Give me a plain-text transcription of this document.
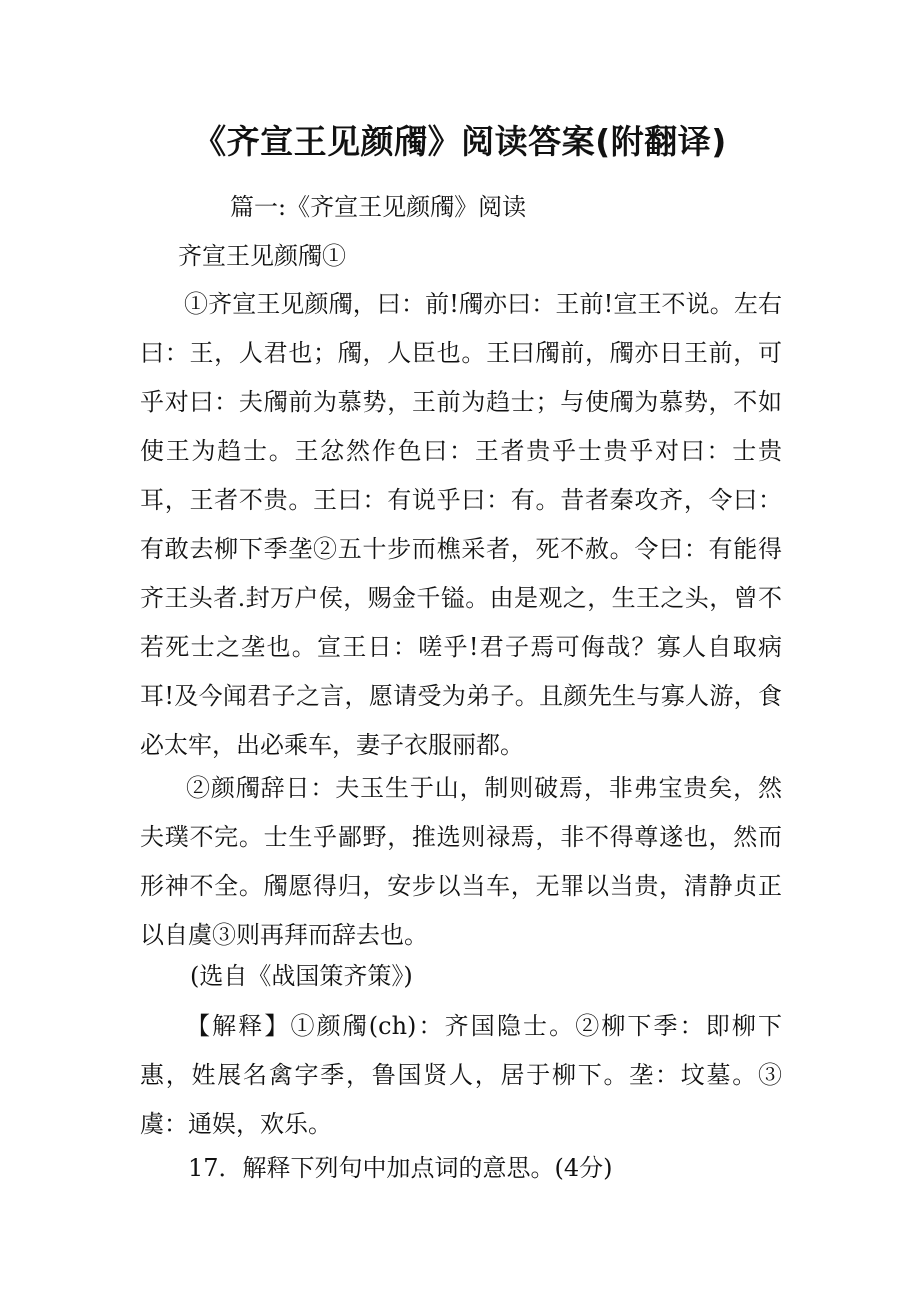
《齐宣王见颜斶》阅读答案(附翻译)
篇一:《齐宣王见颜斶》阅读
齐宣王见颜斶①
①齐宣王见颜斶，曰：前!斶亦曰：王前!宣王不说。左右曰：王，人君也；斶，人臣也。王曰斶前，斶亦日王前，可乎对曰：夫斶前为慕势，王前为趋士；与使斶为慕势，不如使王为趋士。王忿然作色曰：王者贵乎士贵乎对曰：士贵耳，王者不贵。王曰：有说乎曰：有。昔者秦攻齐，令曰：有敢去柳下季垄②五十步而樵采者，死不赦。令曰：有能得齐王头者.封万户侯，赐金千镒。由是观之，生王之头，曾不若死士之垄也。宣王日：嗟乎!君子焉可侮哉？寡人自取病耳!及今闻君子之言，愿请受为弟子。且颜先生与寡人游，食必太牢，出必乘车，妻子衣服丽都。
②颜斶辞日：夫玉生于山，制则破焉，非弗宝贵矣，然夫璞不完。士生乎鄙野，推选则禄焉，非不得尊遂也，然而形神不全。斶愿得归，安步以当车，无罪以当贵，清静贞正以自虞③则再拜而辞去也。
(选自《战国策齐策》)
【解释】①颜斶(ch)：齐国隐士。②柳下季：即柳下惠，姓展名禽字季，鲁国贤人，居于柳下。垄：坟墓。③虞：通娱，欢乐。
17．解释下列句中加点词的意思。(4分)
